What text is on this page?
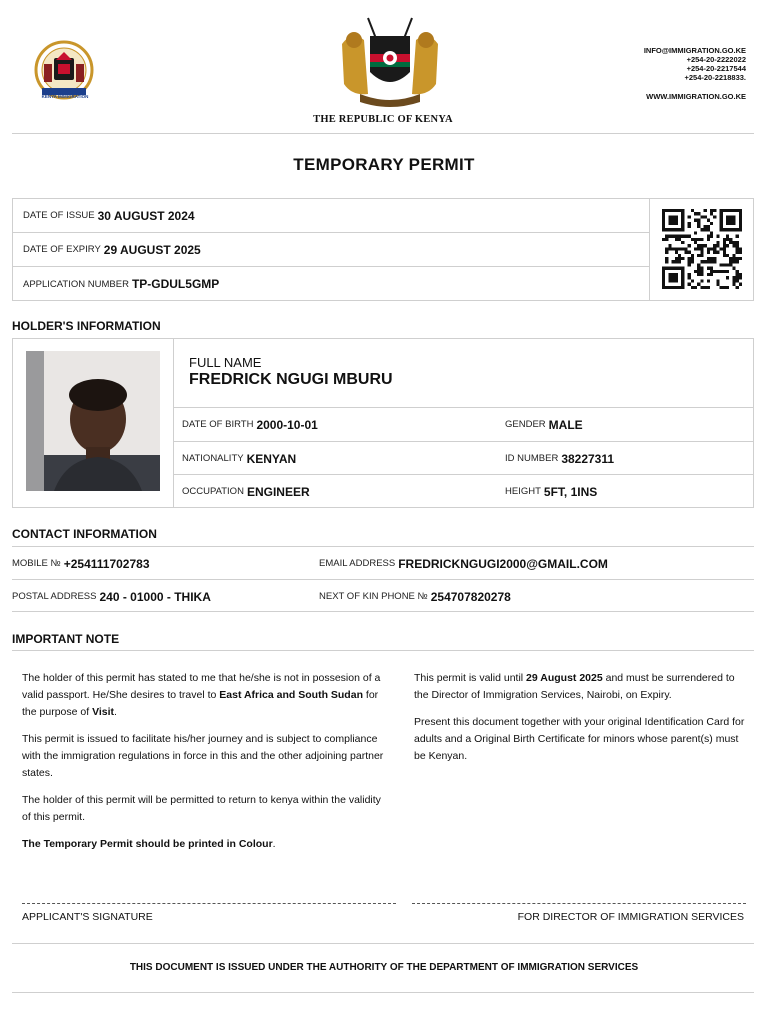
KENYA IMMIGRATION
HARAMBEE
THE REPUBLIC OF KENYA
INFO@IMMIGRATION.GO.KE
+254-20-2222022
+254-20-2217544
+254-20-2218833.
WWW.IMMIGRATION.GO.KE
TEMPORARY PERMIT
DATE OF ISSUE 30 AUGUST 2024
DATE OF EXPIRY 29 AUGUST 2025
APPLICATION NUMBER TP-GDUL5GMP
HOLDER'S INFORMATION
FULL NAME
FREDRICK NGUGI MBURU
DATE OF BIRTH 2000-10-01	GENDER MALE
NATIONALITY KENYAN	ID NUMBER 38227311
OCCUPATION ENGINEER	HEIGHT 5FT, 1INS
CONTACT INFORMATION
MOBILE № +254111702783	EMAIL ADDRESS FREDRICKNGUGI2000@GMAIL.COM
POSTAL ADDRESS 240 - 01000 - THIKA	NEXT OF KIN PHONE № 254707820278
IMPORTANT NOTE

The holder of this permit has stated to me that he/she is not in possesion of a valid passport. He/She desires to travel to East Africa and South Sudan for the purpose of Visit.

This permit is issued to facilitate his/her journey and is subject to compliance with the immigration regulations in force in this and the other adjoining partner states.

The holder of this permit will be permitted to return to kenya within the validity of this permit.

The Temporary Permit should be printed in Colour.

This permit is valid until 29 August 2025 and must be surrendered to the Director of Immigration Services, Nairobi, on Expiry.

Present this document together with your original Identification Card for adults and a Original Birth Certificate for minors whose parent(s) must be Kenyan.

APPLICANT'S SIGNATURE	FOR DIRECTOR OF IMMIGRATION SERVICES
THIS DOCUMENT IS ISSUED UNDER THE AUTHORITY OF THE DEPARTMENT OF IMMIGRATION SERVICES
